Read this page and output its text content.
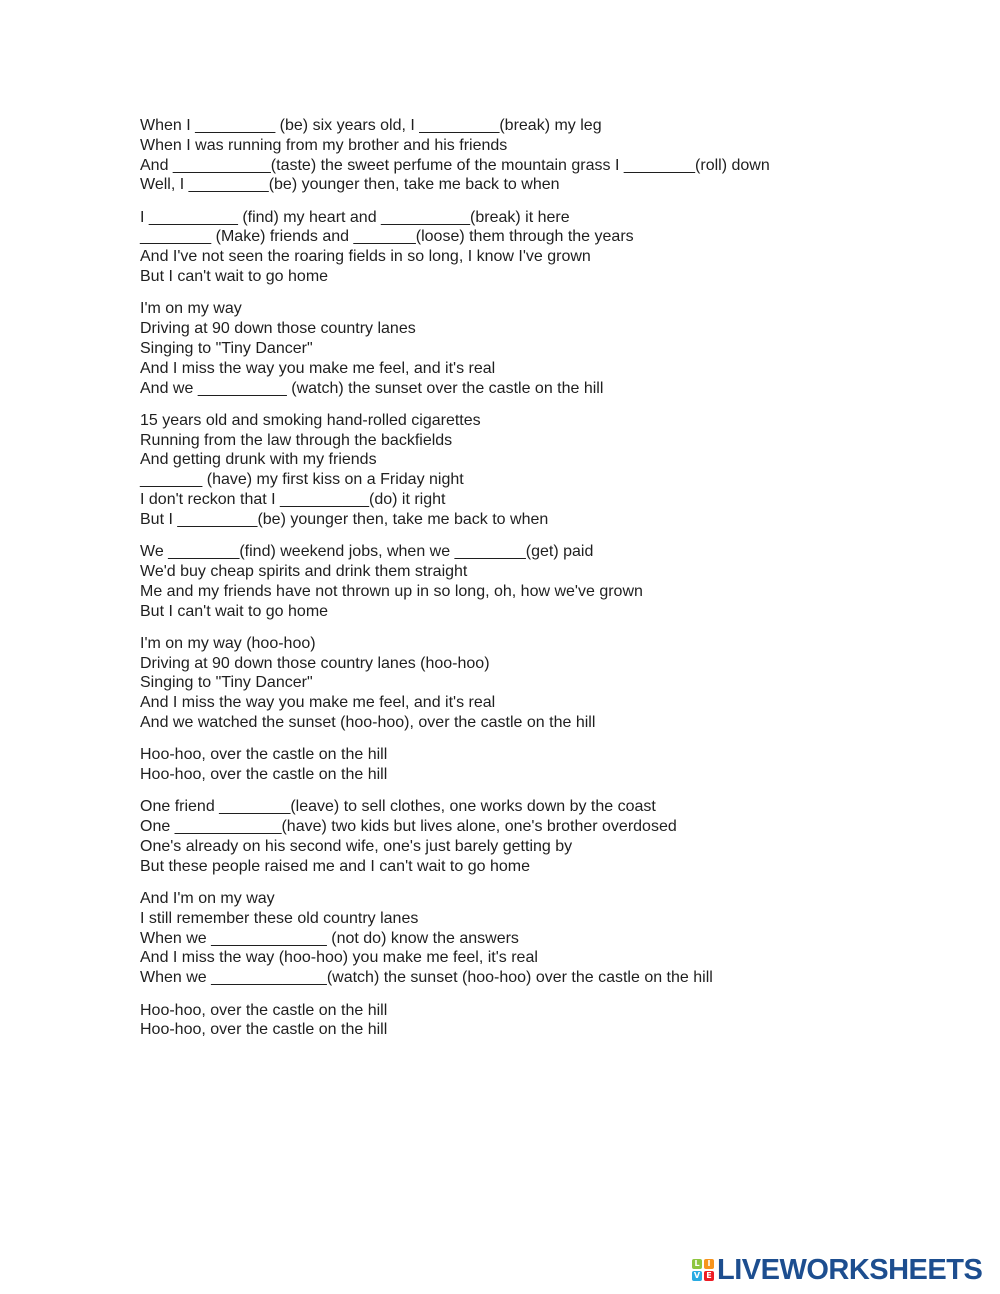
When I _________ (be) six years old, I _________(break) my leg
When I was running from my brother and his friends
And ___________(taste) the sweet perfume of the mountain grass I ________(roll) down
Well, I _________(be) younger then, take me back to when
I __________ (find) my heart and __________(break) it here
________ (Make) friends and _______(loose) them through the years
And I've not seen the roaring fields in so long, I know I've grown
But I can't wait to go home
I'm on my way
Driving at 90 down those country lanes
Singing to "Tiny Dancer"
And I miss the way you make me feel, and it's real
And we __________ (watch) the sunset over the castle on the hill
15 years old and smoking hand-rolled cigarettes
Running from the law through the backfields
And getting drunk with my friends
_______ (have) my first kiss on a Friday night
I don't reckon that I __________(do) it right
But I _________(be) younger then, take me back to when
We ________(find) weekend jobs, when we ________(get) paid
We'd buy cheap spirits and drink them straight
Me and my friends have not thrown up in so long, oh, how we've grown
But I can't wait to go home
I'm on my way (hoo-hoo)
Driving at 90 down those country lanes (hoo-hoo)
Singing to "Tiny Dancer"
And I miss the way you make me feel, and it's real
And we watched the sunset (hoo-hoo), over the castle on the hill
Hoo-hoo, over the castle on the hill
Hoo-hoo, over the castle on the hill
One friend ________(leave) to sell clothes, one works down by the coast
One ____________(have) two kids but lives alone, one's brother overdosed
One's already on his second wife, one's just barely getting by
But these people raised me and I can't wait to go home
And I'm on my way
I still remember these old country lanes
When we _____________ (not do) know the answers
And I miss the way (hoo-hoo) you make me feel, it's real
When we _____________(watch) the sunset (hoo-hoo) over the castle on the hill
Hoo-hoo, over the castle on the hill
Hoo-hoo, over the castle on the hill
L I
V E LIVEWORKSHEETS
